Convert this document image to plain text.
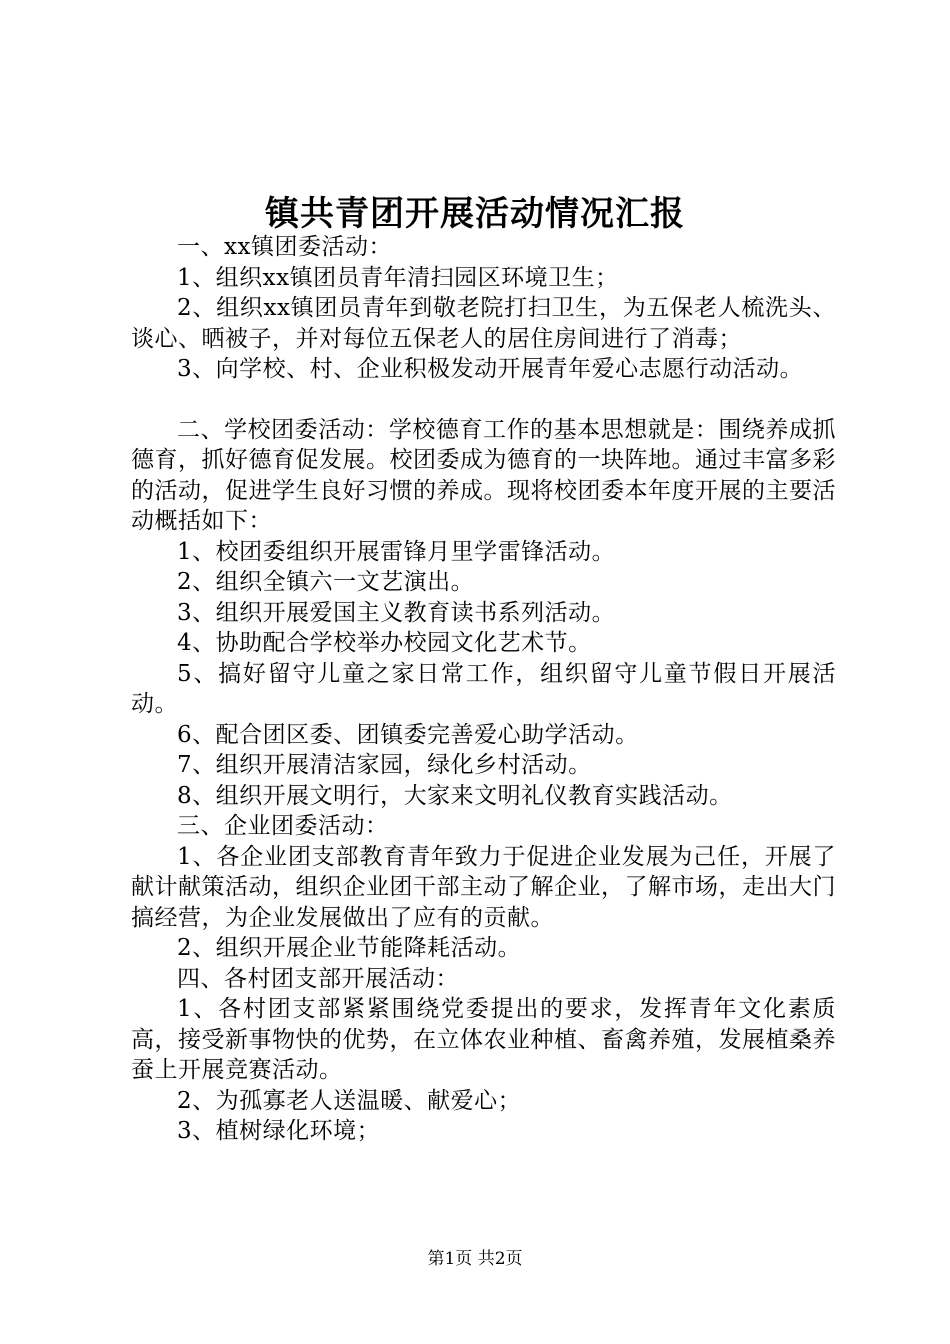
镇共青团开展活动情况汇报

一、xx镇团委活动：

1、组织xx镇团员青年清扫园区环境卫生；

2、组织xx镇团员青年到敬老院打扫卫生，为五保老人梳洗头、谈心、晒被子，并对每位五保老人的居住房间进行了消毒；

3、向学校、村、企业积极发动开展青年爱心志愿行动活动。

二、学校团委活动：学校德育工作的基本思想就是：围绕养成抓德育，抓好德育促发展。校团委成为德育的一块阵地。通过丰富多彩的活动，促进学生良好习惯的养成。现将校团委本年度开展的主要活动概括如下：

1、校团委组织开展雷锋月里学雷锋活动。

2、组织全镇六一文艺演出。

3、组织开展爱国主义教育读书系列活动。

4、协助配合学校举办校园文化艺术节。

5、搞好留守儿童之家日常工作，组织留守儿童节假日开展活动。

6、配合团区委、团镇委完善爱心助学活动。

7、组织开展清洁家园，绿化乡村活动。

8、组织开展文明行，大家来文明礼仪教育实践活动。

三、企业团委活动：

1、各企业团支部教育青年致力于促进企业发展为己任，开展了献计献策活动，组织企业团干部主动了解企业，了解市场，走出大门搞经营，为企业发展做出了应有的贡献。

2、组织开展企业节能降耗活动。

四、各村团支部开展活动：

1、各村团支部紧紧围绕党委提出的要求，发挥青年文化素质高，接受新事物快的优势，在立体农业种植、畜禽养殖，发展植桑养蚕上开展竞赛活动。

2、为孤寡老人送温暖、献爱心；

3、植树绿化环境；

第1页 共2页
